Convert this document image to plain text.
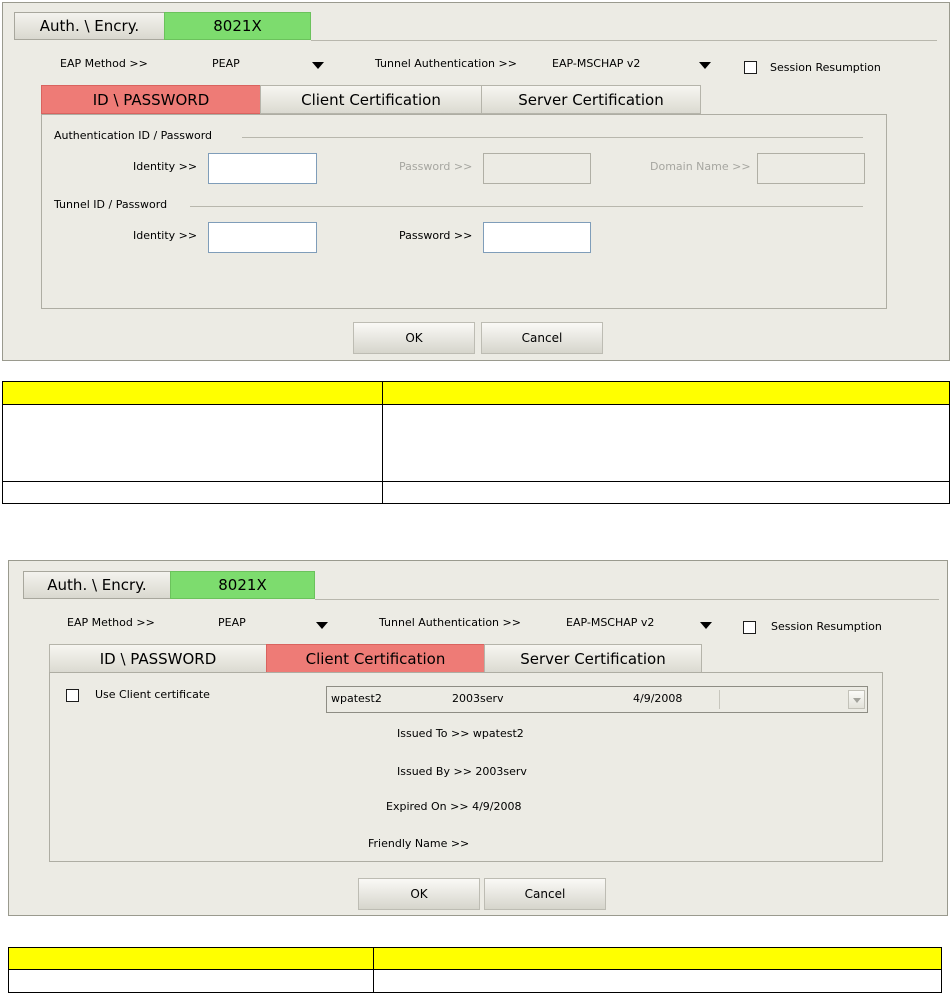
Auth. \ Encry.	8021X
EAP Method >>	PEAP	Tunnel Authentication >>	EAP-MSCHAP v2	Session Resumption
ID \ PASSWORD	Client Certification	Server Certification
Authentication ID / Password
Identity >>	Password >>	Domain Name >>
Tunnel ID / Password
Identity >>	Password >>
OK	Cancel
Auth. \ Encry.	8021X
EAP Method >>	PEAP	Tunnel Authentication >>	EAP-MSCHAP v2	Session Resumption
ID \ PASSWORD	Client Certification	Server Certification
Use Client certificate	wpatest2	2003serv	4/9/2008
Issued To >> wpatest2
Issued By >> 2003serv
Expired On >> 4/9/2008
Friendly Name >>
OK	Cancel
